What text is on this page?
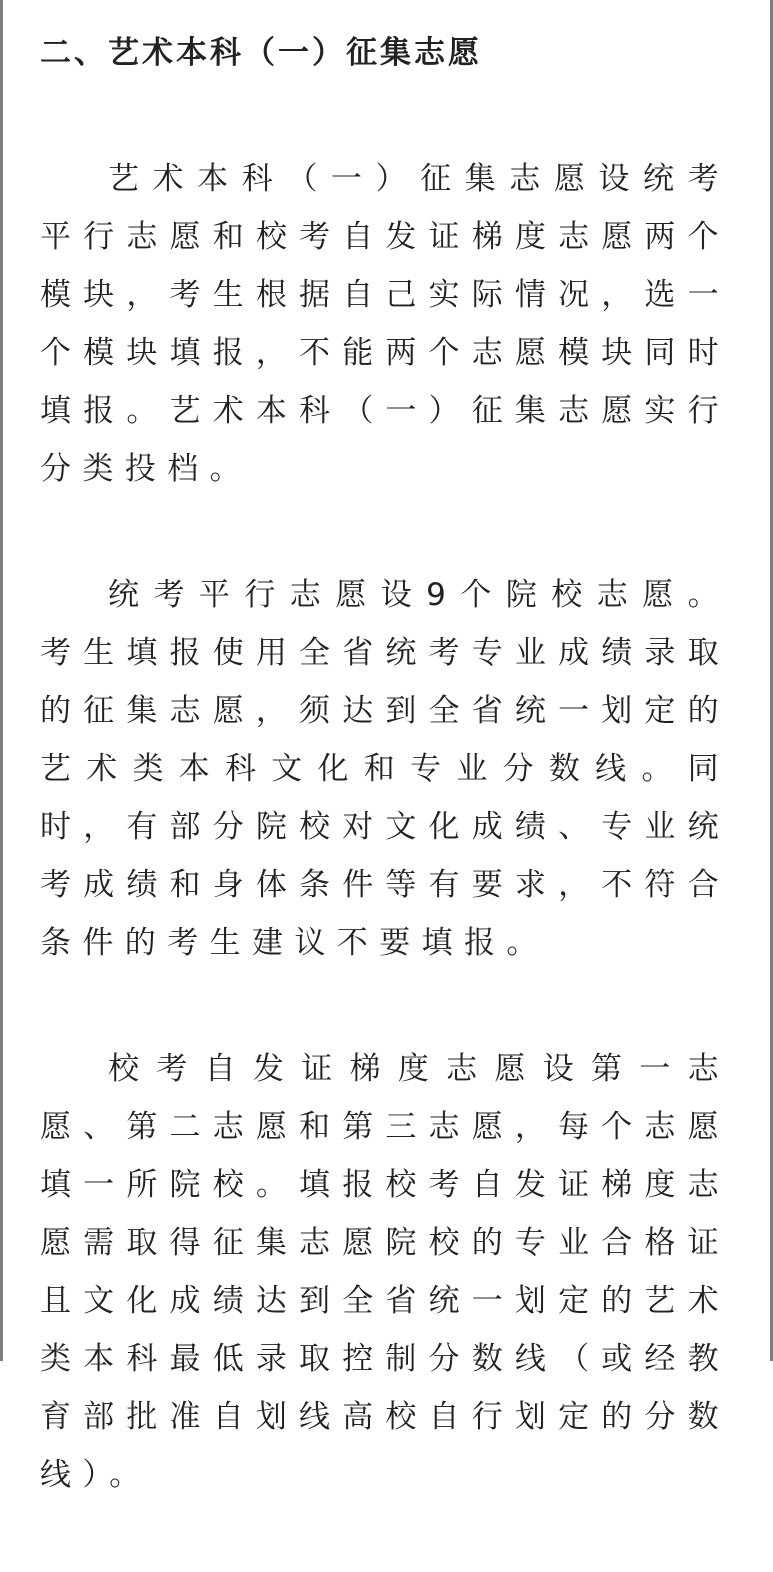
二、艺术本科（一）征集志愿

艺术本科（一）征集志愿设统考平行志愿和校考自发证梯度志愿两个模块，考生根据自己实际情况，选一个模块填报，不能两个志愿模块同时填报。艺术本科（一）征集志愿实行分类投档。

统考平行志愿设9个院校志愿。考生填报使用全省统考专业成绩录取的征集志愿，须达到全省统一划定的艺术类本科文化和专业分数线。同时，有部分院校对文化成绩、专业统考成绩和身体条件等有要求，不符合条件的考生建议不要填报。

校考自发证梯度志愿设第一志愿、第二志愿和第三志愿，每个志愿填一所院校。填报校考自发证梯度志愿需取得征集志愿院校的专业合格证且文化成绩达到全省统一划定的艺术类本科最低录取控制分数线（或经教育部批准自划线高校自行划定的分数线）。
